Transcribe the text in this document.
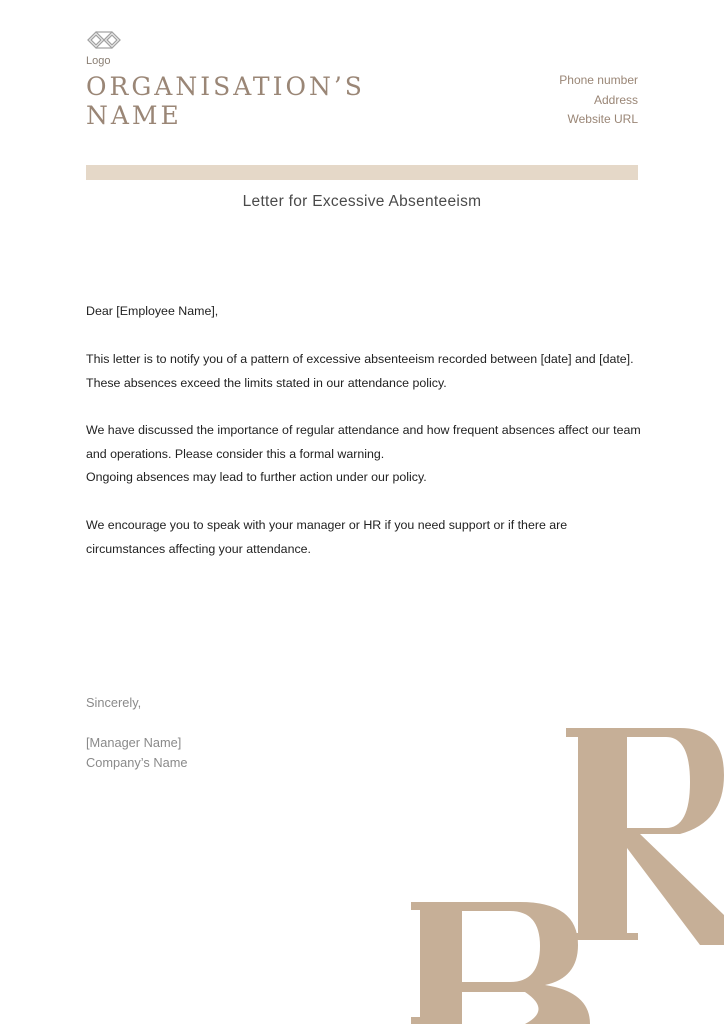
Logo
ORGANISATION’S NAME
Phone number
Address
Website URL
Letter for Excessive Absenteeism

Dear [Employee Name],

This letter is to notify you of a pattern of excessive absenteeism recorded between [date] and [date]. These absences exceed the limits stated in our attendance policy.

We have discussed the importance of regular attendance and how frequent absences affect our team and operations. Please consider this a formal warning.

Ongoing absences may lead to further action under our policy.

We encourage you to speak with your manager or HR if you need support or if there are circumstances affecting your attendance.

Sincerely,
[Manager Name]
Company’s Name
